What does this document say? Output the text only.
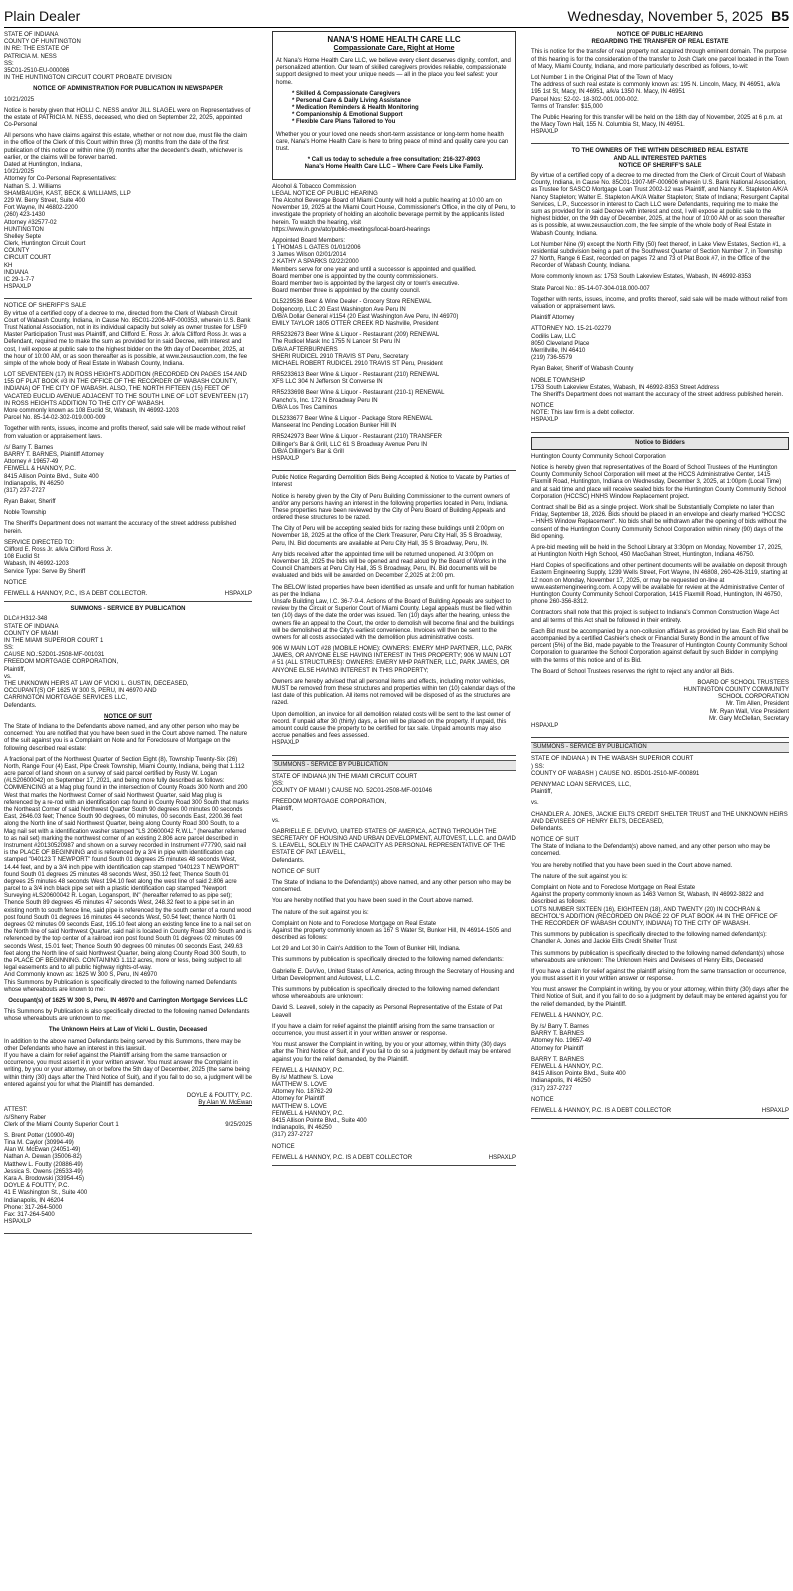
Plain Dealer	Wednesday, November 5, 2025 B5

STATE OF INDIANA
COUNTY OF HUNTINGTON
IN RE: THE ESTATE OF
PATRICIA M. NESS
SS:
35C01-2510-EU-000086
IN THE HUNTINGTON CIRCUIT COURT PROBATE DIVISION

NOTICE OF ADMINISTRATION FOR PUBLICATION IN NEWSPAPER

10/21/2025

Notice is hereby given that HOLLI C. NESS and/or JILL SLAGEL were on Representatives of the estate of PATRICIA M. NESS, deceased, who died on September 22, 2025, appointed Co-Personal

All persons who have claims against this estate, whether or not now due, must file the claim in the office of the Clerk of this Court within three (3) months from the date of the first publication of this notice or within nine (9) months after the decedent's death, whichever is earlier, or the claims will be forever barred.
Dated at Huntington, Indiana,
10/21/2025
Attorney for Co-Personal Representatives:
Nathan S. J. Williams
SHAMBAUGH, KAST, BECK & WILLIAMS, LLP
229 W. Berry Street, Suite 400
Fort Wayne, IN 46802-2200
(260) 423-1430
Attorney #32577-02
HUNTINGTON
Shelley Septe
Clerk, Huntington Circuit Court
COUNTY
CIRCUIT COURT
KH
INDIANA
IC 29-1-7-7
HSPAXLP

NOTICE OF SHERIFF'S SALE

By virtue of a certified copy of a decree to me, directed from the Clerk of Wabash Circuit Court of Wabash County, Indiana, in Cause No. 85C01-2206-MF-000353, wherein U.S. Bank Trust National Association, not in its individual capacity but solely as owner trustee for LSF9 Master Participation Trust was Plaintiff, and Clifford E. Ross Jr. a/k/a Clifford Ross Jr. was a Defendant, required me to make the sum as provided for in said Decree, with interest and cost, I will expose at public sale to the highest bidder on the 9th day of December, 2025, at the hour of 10:00 AM, or as soon thereafter as is possible, at www.zeusauction.com, the fee simple of the whole body of Real Estate in Wabash County, Indiana.

LOT SEVENTEEN (17) IN ROSS HEIGHTS ADDITION (RECORDED ON PAGES 154 AND 155 OF PLAT BOOK #3 IN THE OFFICE OF THE RECORDER OF WABASH COUNTY, INDIANA) OF THE CITY OF WABASH. ALSO, THE NORTH FIFTEEN (15) FEET OF VACATED EUCLID AVENUE ADJACENT TO THE SOUTH LINE OF LOT SEVENTEEN (17) IN ROSS HEIGHTS ADDITION TO THE CITY OF WABASH.
More commonly known as 108 Euclid St, Wabash, IN 46992-1203
Parcel No. 85-14-02-302-019.000-009

Together with rents, issues, income and profits thereof, said sale will be made without relief from valuation or appraisement laws.

/s/ Barry T. Barnes
BARRY T. BARNES, Plaintiff Attorney
Attorney # 19657-49
FEIWELL & HANNOY, P.C.
8415 Allison Pointe Blvd., Suite 400
Indianapolis, IN 46250
(317) 237-2727

Ryan Baker, Sheriff

Noble Township

The Sheriff's Department does not warrant the accuracy of the street address published herein.

SERVICE DIRECTED TO:
Clifford E. Ross Jr. a/k/a Clifford Ross Jr.
108 Euclid St
Wabash, IN 46992-1203
Service Type: Serve By Sheriff

NOTICE

FEIWELL & HANNOY, P.C., IS A DEBT COLLECTOR.	HSPAXLP
SUMMONS - SERVICE BY PUBLICATION

DLC#:H312-348
STATE OF INDIANA
COUNTY OF MIAMI
IN THE MIAMI SUPERIOR COURT 1
SS:
CAUSE NO.:52D01-2508-MF-001031
FREEDOM MORTGAGE CORPORATION,
Plaintiff,
vs.
THE UNKNOWN HEIRS AT LAW OF VICKI L. GUSTIN, DECEASED,
OCCUPANT(S) OF 1625 W 300 S, PERU, IN 46970 AND
CARRINGTON MORTGAGE SERVICES LLC,
Defendants.

NOTICE OF SUIT

The State of Indiana to the Defendants above named, and any other person who may be concerned: You are notified that you have been sued in the Court above named. The nature of the suit against you is a Complaint on Note and for Foreclosure of Mortgage on the following described real estate:

A fractional part of the Northwest Quarter of Section Eight (8), Township Twenty-Six (26) North, Range Four (4) East, Pipe Creek Township, Miami County, Indiana, being that 1.112 acre parcel of land shown on a survey of said parcel certified by Rusty W. Logan (#LS20600042) on September 17, 2021, and being more fully described as follows: COMMENCING at a Mag plug found in the intersection of County Roads 300 North and 200 West that marks the Northwest Corner of said Northwest Quarter, said Mag plug is referenced by a re-rod with an identification cap found in County Road 300 South that marks the Northeast Corner of said Northwest Quarter South 90 degrees 00 minutes 00 seconds East, 2646.03 feet; Thence South 90 degrees, 00 minutes, 00 seconds East, 2200.36 feet along the North line of said Northwest Quarter, being along County Road 300 South, to a Mag nail set with a identification washer stamped "LS 20600042 R.W.L." (hereafter referred to as nail set) marking the northwest corner of an existing 2.806 acre parcel described in Instrument #20130520987 and shown on a survey recorded in Instrument #77790, said nail is the PLACE OF BEGINNING and is referenced by a 3/4 in pipe with identification cap stamped "040123 T NEWPORT" found South 01 degrees 25 minutes 48 seconds West, 14.44 feet, and by a 3/4 inch pipe with identification cap stamped "040123 T NEWPORT" found South 01 degrees 25 minutes 48 seconds West, 350.12 feet; Thence South 01 degrees 25 minutes 48 seconds West 194.10 feet along the west line of said 2.806 acre parcel to a 3/4 inch black pipe set with a plastic identification cap stamped "Newport Surveying #LS20600042 R. Logan, Logansport, IN" (hereafter referred to as pipe set); Thence South 89 degrees 45 minutes 47 seconds West, 248.32 feet to a pipe set in an existing north to south fence line, said pipe is referenced by the south center of a round wood post found South 01 degrees 16 minutes 44 seconds West, 50.54 feet; thence North 01 degrees 02 minutes 09 seconds East, 195.10 feet along an existing fence line to a nail set on the North line of said Northwest Quarter, said nail is located in County Road 300 South and is referenced by the top center of a railroad iron post found South 01 degrees 02 minutes 09 seconds West, 15.01 feet; Thence South 90 degrees 00 minutes 00 seconds East, 249.63 feet along the North line of said Northwest Quarter, being along County Road 300 South, to the PLACE OF BEGINNING. CONTAINING 1.112 acres, more or less, being subject to all legal easements and to all public highway rights-of-way.
And Commonly known as: 1625 W 300 S, Peru, IN 46970
This Summons by Publication is specifically directed to the following named Defendants whose whereabouts are known to me:

Occupant(s) of 1625 W 300 S, Peru, IN 46970 and Carrington Mortgage Services LLC

This Summons by Publication is also specifically directed to the following named Defendants whose whereabouts are unknown to me:

The Unknown Heirs at Law of Vicki L. Gustin, Deceased

In addition to the above named Defendants being served by this Summons, there may be other Defendants who have an interest in this lawsuit.
If you have a claim for relief against the Plaintiff arising from the same transaction or occurrence, you must assert it in your written answer. You must answer the Complaint in writing, by you or your attorney, on or before the 5th day of December, 2025 (the same being within thirty (30) days after the Third Notice of Suit), and if you fail to do so, a judgment will be entered against you for what the Plaintiff has demanded.

DOYLE & FOUTTY, P.C.
By Alan W. McEwan

ATTEST:
/s/Sherry Raber
Clerk of the Miami County Superior Court 1	9/25/2025

S. Brent Potter (10900-49)
Tina M. Caylor (30994-49)
Alan W. McEwan (24051-49)
Nathan A. Dewan (35006-82)
Matthew L. Foutty (20886-49)
Jessica S. Owens (26533-49)
Kara A. Brodowski (33954-45)
DOYLE & FOUTTY, P.C.
41 E Washington St., Suite 400
Indianapolis, IN 46204
Phone: 317-264-5000
Fax: 317-264-5400
HSPAXLP

NANA'S HOME HEALTH CARE LLC
Compassionate Care, Right at Home

At Nana's Home Health Care LLC, we believe every client deserves dignity, comfort, and personalized attention. Our team of skilled caregivers provides reliable, compassionate support designed to meet your unique needs — all in the place you feel safest: your home.

* Skilled & Compassionate Caregivers
* Personal Care & Daily Living Assistance
* Medication Reminders & Health Monitoring
* Companionship & Emotional Support
* Flexible Care Plans Tailored to You

Whether you or your loved one needs short-term assistance or long-term home health care, Nana's Home Health Care is here to bring peace of mind and quality care you can trust.

* Call us today to schedule a free consultation: 216-327-8903
Nana's Home Health Care LLC – Where Care Feels Like Family.

Alcohol & Tobacco Commission
LEGAL NOTICE OF PUBLIC HEARING
The Alcohol Beverage Board of Miami County will hold a public hearing at 10:00 am on November 19, 2025 at the Miami Court House, Commissioner's Office, in the city of Peru, to investigate the propriety of holding an alcoholic beverage permit by the applicants listed herein. To watch the hearing, visit
https://www.in.gov/atc/public-meetings/local-board-hearings

Appointed Board Members:
1 THOMAS L GATES 01/01/2006
3 James Wilson 02/01/2014
2 KATHY A SPARKS 02/22/2000
Members serve for one year and until a successor is appointed and qualified.
Board member one is appointed by the county commissioners.
Board member two is appointed by the largest city or town's executive.
Board member three is appointed by the county council.

DL5229536 Beer & Wine Dealer - Grocery Store RENEWAL
Dolgencorp, LLC 20 East Washington Ave Peru IN
D/B/A Dollar General #1154 (20 East Washington Ave Peru, IN 46970)
EMILY TAYLOR 1805 OTTER CREEK RD Nashville, President

RR5232673 Beer Wine & Liquor - Restaurant (209) RENEWAL
The Rudicel Mask Inc 1755 N Lancer St Peru IN
D/B/A AFTERBURNERS
SHERI RUDICEL 2910 TRAVIS ST Peru, Secretary
MICHAEL ROBERT RUDICEL 2910 TRAVIS ST Peru, President

RR5233613 Beer Wine & Liquor - Restaurant (210) RENEWAL
XFS LLC 304 N Jefferson St Converse IN

RR5233698 Beer Wine & Liquor - Restaurant (210-1) RENEWAL
Pancho's, Inc. 172 N Broadway Peru IN
D/B/A Los Tres Caminos

DL5233677 Beer Wine & Liquor - Package Store RENEWAL
Manseerat Inc Pending Location Bunker Hill IN

RR5242973 Beer Wine & Liquor - Restaurant (210) TRANSFER
Dillinger's Bar & Grill, LLC 61 S Broadway Avenue Peru IN
D/B/A Dillinger's Bar & Grill
HSPAXLP

Public Notice Regarding Demolition Bids Being Accepted & Notice to Vacate by Parties of Interest

Notice is hereby given by the City of Peru Building Commissioner to the current owners of and/or any persons having an interest in the following properties located in Peru, Indiana. These properties have been reviewed by the City of Peru Board of Building Appeals and ordered these structures to be razed.

The City of Peru will be accepting sealed bids for razing these buildings until 2:00pm on November 18, 2025 at the office of the Clerk Treasurer, Peru City Hall, 35 S Broadway, Peru, IN. Bid documents are available at Peru City Hall, 35 S Broadway, Peru, IN.

Any bids received after the appointed time will be returned unopened. At 3:00pm on November 18, 2025 the bids will be opened and read aloud by the Board of Works in the Council Chambers at Peru City Hall, 35 S Broadway, Peru, IN. Bid documents will be evaluated and bids will be awarded on December 2,2025 at 2:00 pm.

The BELOW listed properties have been identified as unsafe and unfit for human habitation as per the Indiana
Unsafe Building Law, I.C. 36-7-9-4. Actions of the Board of Building Appeals are subject to review by the Circuit or Superior Court of Miami County. Legal appeals must be filed within ten (10) days of the date the order was issued. Ten (10) days after the hearing, unless the owners file an appeal to the Court, the order to demolish will become final and the buildings will be demolished at the City's earliest convenience. Invoices will then be sent to the owners for all costs associated with the demolition plus administrative costs.

906 W MAIN LOT #28 (MOBILE HOME): OWNERS: EMERY MHP PARTNER, LLC, PARK JAMES, OR ANYONE ELSE HAVING INTEREST IN THIS PROPERTY; 906 W MAIN LOT # 51 (ALL STRUCTURES): OWNERS: EMERY MHP PARTNER, LLC, PARK JAMES, OR ANYONE ELSE HAVING INTEREST IN THIS PROPERTY;

Owners are hereby advised that all personal items and effects, including motor vehicles, MUST be removed from these structures and properties within ten (10) calendar days of the last date of this publication. All items not removed will be disposed of as the structures are razed.

Upon demolition, an invoice for all demolition related costs will be sent to the last owner of record. If unpaid after 30 (thirty) days, a lien will be placed on the property. If unpaid, this amount could cause the property to be certified for tax sale. Unpaid amounts may also accrue penalties and fees assessed.
HSPAXLP

SUMMONS - SERVICE BY PUBLICATION

STATE OF INDIANA )IN THE MIAMI CIRCUIT COURT
)SS:
COUNTY OF MIAMI ) CAUSE NO. 52C01-2508-MF-001046

FREEDOM MORTGAGE CORPORATION,
Plaintiff,

vs.

GABRIELLE E. DEVIVO, UNITED STATES OF AMERICA, ACTING THROUGH THE SECRETARY OF HOUSING AND URBAN DEVELOPMENT, AUTOVEST, L.L.C. and DAVID S. LEAVELL, SOLELY IN THE CAPACITY AS PERSONAL REPRESENTATIVE OF THE ESTATE OF PAT LEAVELL,
Defendants.

NOTICE OF SUIT

The State of Indiana to the Defendant(s) above named, and any other person who may be concerned.

You are hereby notified that you have been sued in the Court above named.

The nature of the suit against you is:

Complaint on Note and to Foreclose Mortgage on Real Estate
Against the property commonly known as 167 S Water St, Bunker Hill, IN 46914-1505 and described as follows:

Lot 29 and Lot 30 in Cain's Addition to the Town of Bunker Hill, Indiana.

This summons by publication is specifically directed to the following named defendants:

Gabrielle E. DeVivo, United States of America, acting through the Secretary of Housing and Urban Development and Autovest, L.L.C.

This summons by publication is specifically directed to the following named defendant whose whereabouts are unknown:

David S. Leavell, solely in the capacity as Personal Representative of the Estate of Pat Leavell

If you have a claim for relief against the plaintiff arising from the same transaction or occurrence, you must assert it in your written answer or response.

You must answer the Complaint in writing, by you or your attorney, within thirty (30) days after the Third Notice of Suit, and if you fail to do so a judgment by default may be entered against you for the relief demanded, by the Plaintiff.

FEIWELL & HANNOY, P.C.
By /s/ Matthew S. Love
MATTHEW S. LOVE
Attorney No. 18762-29
Attorney for Plaintiff
MATTHEW S. LOVE
FEIWELL & HANNOY, P.C.
8415 Allison Pointe Blvd., Suite 400
Indianapolis, IN 46250
(317) 237-2727

NOTICE

FEIWELL & HANNOY, P.C. IS A DEBT COLLECTOR	HSPAXLP
NOTICE OF PUBLIC HEARING
REGARDING THE TRANSFER OF REAL ESTATE

This is notice for the transfer of real property not acquired through eminent domain. The purpose of this hearing is for the consideration of the transfer to Josh Clark one parcel located in the Town of Macy, Miami County, Indiana, and more particularly described as follows, to-wit:

Lot Number 1 in the Original Plat of the Town of Macy
The address of such real estate is commonly known as: 195 N. Lincoln, Macy, IN 46951, a/k/a 195 1st St, Macy, IN 46951, a/k/a 1350 N. Macy, IN 46951
Parcel Nos: 52-02- 18-302-001.000-002.
Terms of Transfer: $15,000

The Public Hearing for this transfer will be held on the 18th day of November, 2025 at 6 p.m. at the Macy Town Hall, 155 N. Columbia St, Macy, IN 46951.
HSPAXLP

TO THE OWNERS OF THE WITHIN DESCRIBED REAL ESTATE
AND ALL INTERESTED PARTIES
NOTICE OF SHERIFF'S SALE

By virtue of a certified copy of a decree to me directed from the Clerk of Circuit Court of Wabash County, Indiana, in Cause No. 85C01-1907-MF-000606 wherein U.S. Bank National Association, as Trustee for SASCO Mortgage Loan Trust 2002-12 was Plaintiff, and Nancy K. Stapleton A/K/A Nancy Stapleton; Walter E. Stapleton A/K/A Walter Stapleton; State of Indiana; Resurgent Capital Services, L.P., Successor in interest to Cach LLC were Defendants, requiring me to make the sum as provided for in said Decree with interest and cost, I will expose at public sale to the highest bidder, on the 9th day of December, 2025, at the hour of 10:00 AM or as soon thereafter as is possible, at www.zeusauction.com, the fee simple of the whole body of Real Estate in Wabash County, Indiana.

Lot Number Nine (9) except the North Fifty (50) feet thereof, in Lake View Estates, Section #1, a residential subdivision being a part of the Southwest Quarter of Section Number 7, in Township 27 North, Range 6 East, recorded on pages 72 and 73 of Plat Book #7, in the Office of the Recorder of Wabash County, Indiana.

More commonly known as: 1753 South Lakeview Estates, Wabash, IN 46992-8353

State Parcel No.: 85-14-07-304-018.000-007

Together with rents, issues, income, and profits thereof, said sale will be made without relief from valuation or appraisement laws.

Plaintiff Attorney

ATTORNEY NO. 15-21-02279
Codilis Law, LLC
8050 Cleveland Place
Merrillville, IN 46410
(219) 736-5579

Ryan Baker, Sheriff of Wabash County

NOBLE TOWNSHIP
1753 South Lakeview Estates, Wabash, IN 46992-8353 Street Address
The Sheriff's Department does not warrant the accuracy of the street address published herein.

NOTICE
NOTE: This law firm is a debt collector.
HSPAXLP

Notice to Bidders

Huntington County Community School Corporation

Notice is hereby given that representatives of the Board of School Trustees of the Huntington County Community School Corporation will meet at the HCCS Administrative Center, 1415 Flaxmill Road, Huntington, Indiana on Wednesday, December 3, 2025, at 1:00pm (Local Time) and at said time and place will receive sealed bids for the Huntington County Community School Corporation (HCCSC) HNHS Window Replacement project.

Contract shall be Bid as a single project. Work shall be Substantially Complete no later than Friday, September 18, 2026. Bids should be placed in an envelope and clearly marked "HCCSC – HNHS Window Replacement". No bids shall be withdrawn after the opening of bids without the consent of the Huntington County Community School Corporation within ninety (90) days of the Bid opening.

A pre-bid meeting will be held in the School Library at 3:30pm on Monday, November 17, 2025, at Huntington North High School, 450 MacGahan Street, Huntington, Indiana 46750.

Hard Copies of specifications and other pertinent documents will be available on deposit through Eastern Engineering Supply, 1239 Wells Street, Fort Wayne, IN 46808, 260-426-3119, starting at 12 noon on Monday, November 17, 2025, or may be requested on-line at www.easternengineering.com. A copy will be available for review at the Administrative Center of Huntington County Community School Corporation, 1415 Flaxmill Road, Huntington, IN 46750, phone 260-356-8312.

Contractors shall note that this project is subject to Indiana's Common Construction Wage Act and all terms of this Act shall be followed in their entirety.

Each Bid must be accompanied by a non-collusion affidavit as provided by law. Each Bid shall be accompanied by a certified Cashier's check or Financial Surety Bond in the amount of five percent (5%) of the Bid, made payable to the Treasurer of Huntington County Community School Corporation to guarantee the School Corporation against default by such Bidder in complying with the terms of this notice and of its Bid.

The Board of School Trustees reserves the right to reject any and/or all Bids.

BOARD OF SCHOOL TRUSTEES
HUNTINGTON COUNTY COMMUNITY
SCHOOL CORPORATION
Mr. Tim Allen, President
Mr. Ryan Wall, Vice President
Mr. Gary McClellan, Secretary

HSPAXLP

SUMMONS - SERVICE BY PUBLICATION

STATE OF INDIANA ) IN THE WABASH SUPERIOR COURT
) SS:
COUNTY OF WABASH ) CAUSE NO. 85D01-2510-MF-000891

PENNYMAC LOAN SERVICES, LLC,
Plaintiff,

vs.

CHANDLER A. JONES, JACKIE EILTS CREDIT SHELTER TRUST and THE UNKNOWN HEIRS AND DEVISEES OF HENRY EILTS, DECEASED,
Defendants.

NOTICE OF SUIT
The State of Indiana to the Defendant(s) above named, and any other person who may be concerned.

You are hereby notified that you have been sued in the Court above named.

The nature of the suit against you is:

Complaint on Note and to Foreclose Mortgage on Real Estate
Against the property commonly known as 1463 Vernon St, Wabash, IN 46992-3822 and described as follows:
LOTS NUMBER SIXTEEN (16), EIGHTEEN (18), AND TWENTY (20) IN COCHRAN & BECHTOL'S ADDITION (RECORDED ON PAGE 22 OF PLAT BOOK #4 IN THE OFFICE OF THE RECORDER OF WABASH COUNTY, INDIANA) TO THE CITY OF WABASH.

This summons by publication is specifically directed to the following named defendant(s): Chandler A. Jones and Jackie Eilts Credit Shelter Trust

This summons by publication is specifically directed to the following named defendant(s) whose whereabouts are unknown: The Unknown Heirs and Devisees of Henry Eilts, Deceased

If you have a claim for relief against the plaintiff arising from the same transaction or occurrence, you must assert it in your written answer or response.

You must answer the Complaint in writing, by you or your attorney, within thirty (30) days after the Third Notice of Suit, and if you fail to do so a judgment by default may be entered against you for the relief demanded, by the Plaintiff.

FEIWELL & HANNOY, P.C.

By /s/ Barry T. Barnes
BARRY T. BARNES
Attorney No. 19657-49
Attorney for Plaintiff

BARRY T. BARNES
FEIWELL & HANNOY, P.C.
8415 Allison Pointe Blvd., Suite 400
Indianapolis, IN 46250
(317) 237-2727

NOTICE

FEIWELL & HANNOY, P.C. IS A DEBT COLLECTOR	HSPAXLP
